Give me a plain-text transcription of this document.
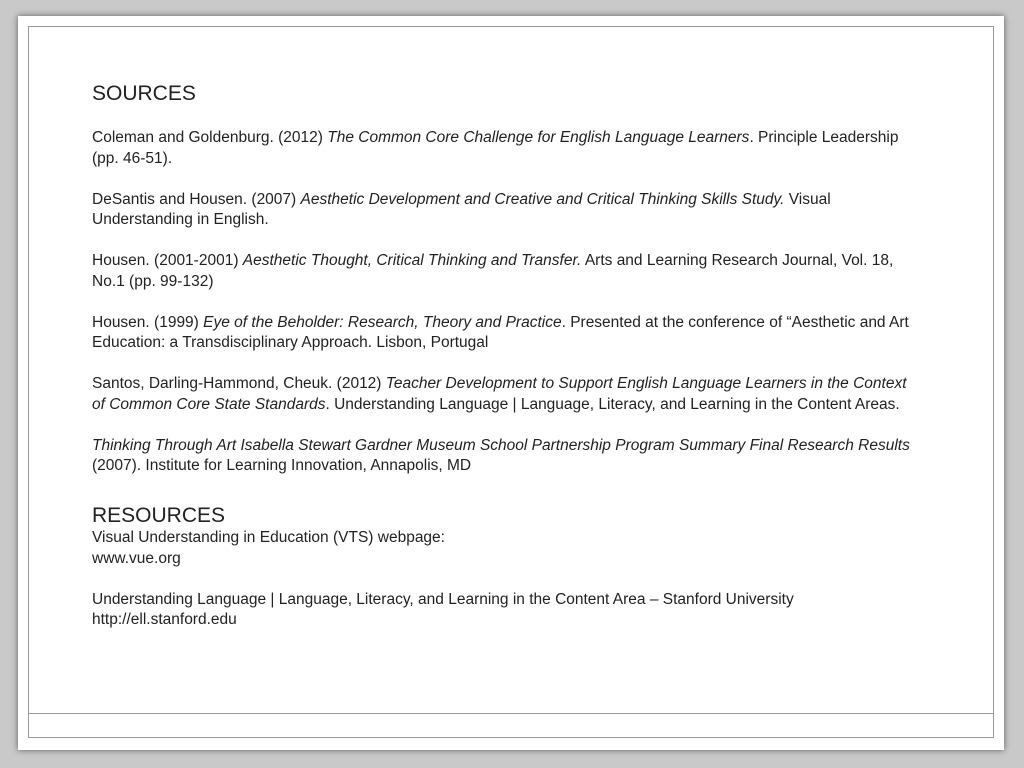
SOURCES

Coleman and Goldenburg. (2012) The Common Core Challenge for English Language Learners. Principle Leadership (pp. 46-51).

DeSantis and Housen. (2007) Aesthetic Development and Creative and Critical Thinking Skills Study. Visual Understanding in English.

Housen. (2001-2001) Aesthetic Thought, Critical Thinking and Transfer. Arts and Learning Research Journal, Vol. 18, No.1 (pp. 99-132)

Housen. (1999) Eye of the Beholder: Research, Theory and Practice. Presented at the conference of “Aesthetic and Art Education: a Transdisciplinary Approach. Lisbon, Portugal

Santos, Darling-Hammond, Cheuk. (2012) Teacher Development to Support English Language Learners in the Context of Common Core State Standards. Understanding Language | Language, Literacy, and Learning in the Content Areas.

Thinking Through Art Isabella Stewart Gardner Museum School Partnership Program Summary Final Research Results (2007). Institute for Learning Innovation, Annapolis, MD

RESOURCES

Visual Understanding in Education (VTS) webpage:

www.vue.org

Understanding Language | Language, Literacy, and Learning in the Content Area – Stanford University

http://ell.stanford.edu
